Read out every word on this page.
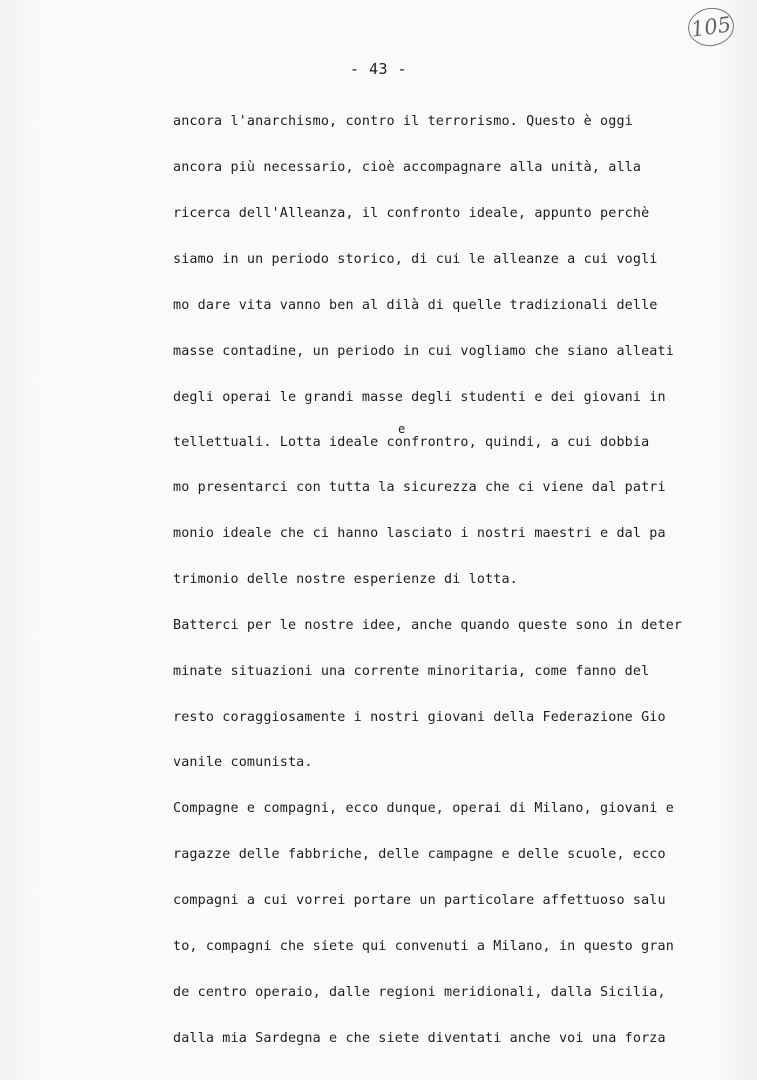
105
- 43 -
ancora l'anarchismo, contro il terrorismo. Questo è oggi
ancora più necessario, cioè accompagnare alla unità, alla
ricerca dell'Alleanza, il confronto ideale, appunto perchè
siamo in un periodo storico, di cui le alleanze a cui vogli
mo dare vita vanno ben al dilà di quelle tradizionali delle
masse contadine, un periodo in cui vogliamo che siano alleati
degli operai le grandi masse degli studenti e dei giovani in
tellettuali. Lotta ideale confrontro, quindi, a cui dobbia
e
mo presentarci con tutta la sicurezza che ci viene dal patri
monio ideale che ci hanno lasciato i nostri maestri e dal pa
trimonio delle nostre esperienze di lotta.
Batterci per le nostre idee, anche quando queste sono in deter
minate situazioni una corrente minoritaria, come fanno del
resto coraggiosamente i nostri giovani della Federazione Gio
vanile comunista.
Compagne e compagni, ecco dunque, operai di Milano, giovani e
ragazze delle fabbriche, delle campagne e delle scuole, ecco
compagni a cui vorrei portare un particolare affettuoso salu
to, compagni che siete qui convenuti a Milano, in questo gran
de centro operaio, dalle regioni meridionali, dalla Sicilia,
dalla mia Sardegna e che siete diventati anche voi una forza
